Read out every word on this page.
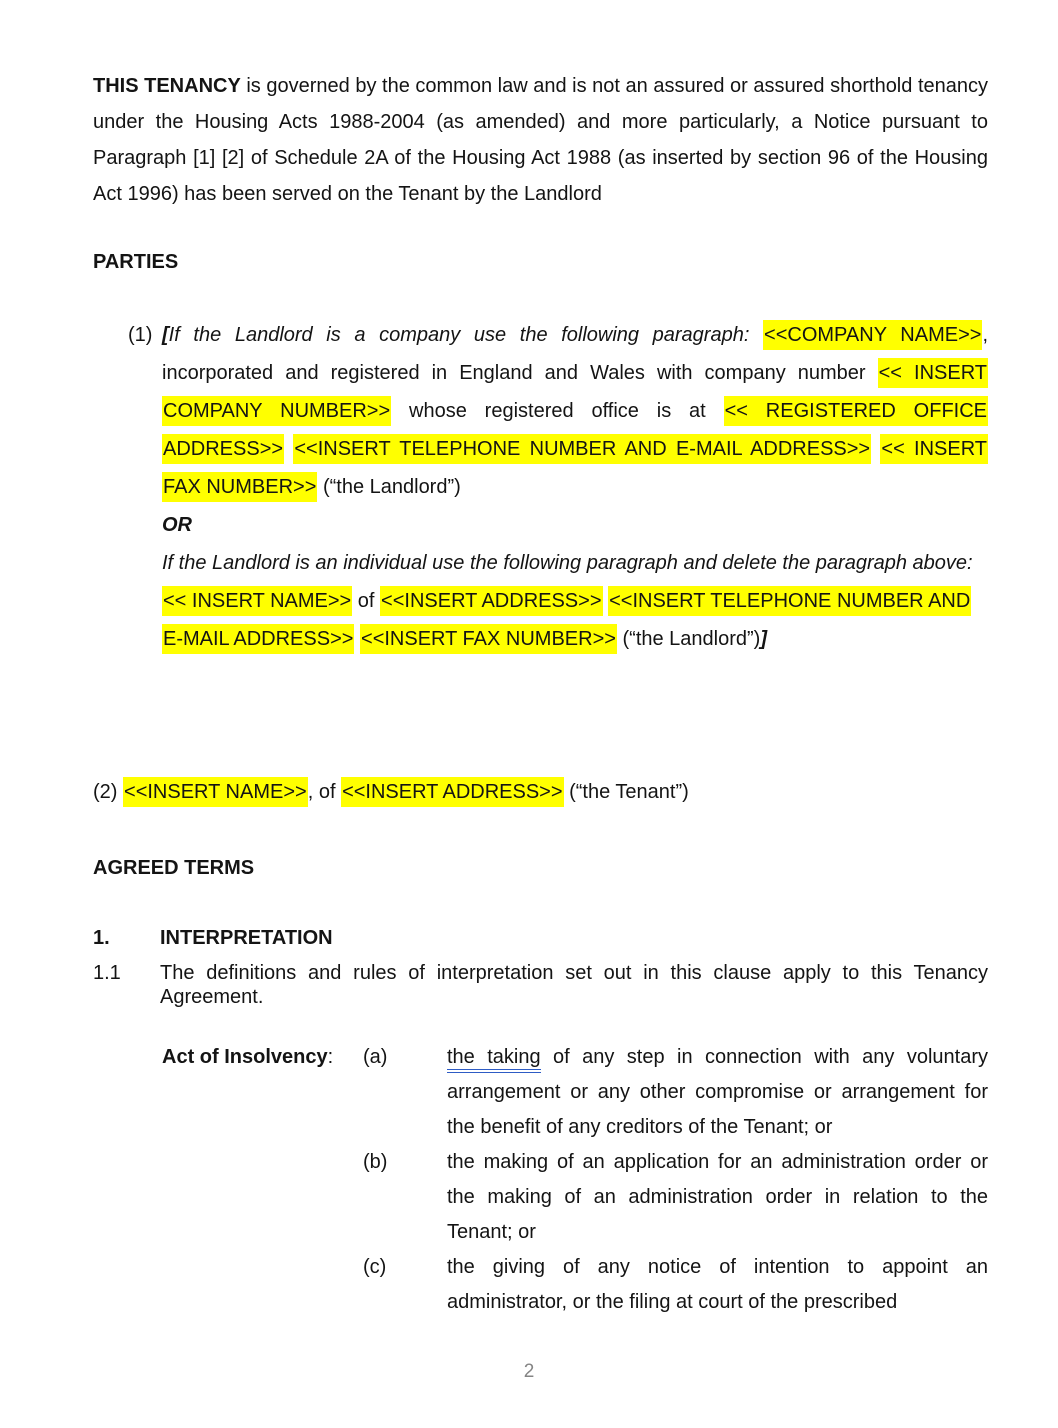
THIS TENANCY is governed by the common law and is not an assured or assured shorthold tenancy under the Housing Acts 1988-2004 (as amended) and more particularly, a Notice pursuant to Paragraph [1] [2] of Schedule 2A of the Housing Act 1988 (as inserted by section 96 of the Housing Act 1996) has been served on the Tenant by the Landlord

PARTIES
(1) [If the Landlord is a company use the following paragraph: <<COMPANY NAME>>, incorporated and registered in England and Wales with company number << INSERT COMPANY NUMBER>> whose registered office is at << REGISTERED OFFICE ADDRESS>> <<INSERT TELEPHONE NUMBER AND E-MAIL ADDRESS>> << INSERT FAX NUMBER>> (“the Landlord”)

OR

If the Landlord is an individual use the following paragraph and delete the paragraph above:

<< INSERT NAME>> of <<INSERT ADDRESS>> <<INSERT TELEPHONE NUMBER AND E-MAIL ADDRESS>> <<INSERT FAX NUMBER>> (“the Landlord”)]

(2) <<INSERT NAME>>, of <<INSERT ADDRESS>> (“the Tenant”)

AGREED TERMS
1.	INTERPRETATION
1.1 The definitions and rules of interpretation set out in this clause apply to this Tenancy Agreement.

Act of Insolvency:	(a)	the taking of any step in connection with any voluntary arrangement or any other compromise or arrangement for the benefit of any creditors of the Tenant; or

(b)	the making of an application for an administration order or the making of an administration order in relation to the Tenant; or

(c)	the giving of any notice of intention to appoint an administrator, or the filing at court of the prescribed

2
